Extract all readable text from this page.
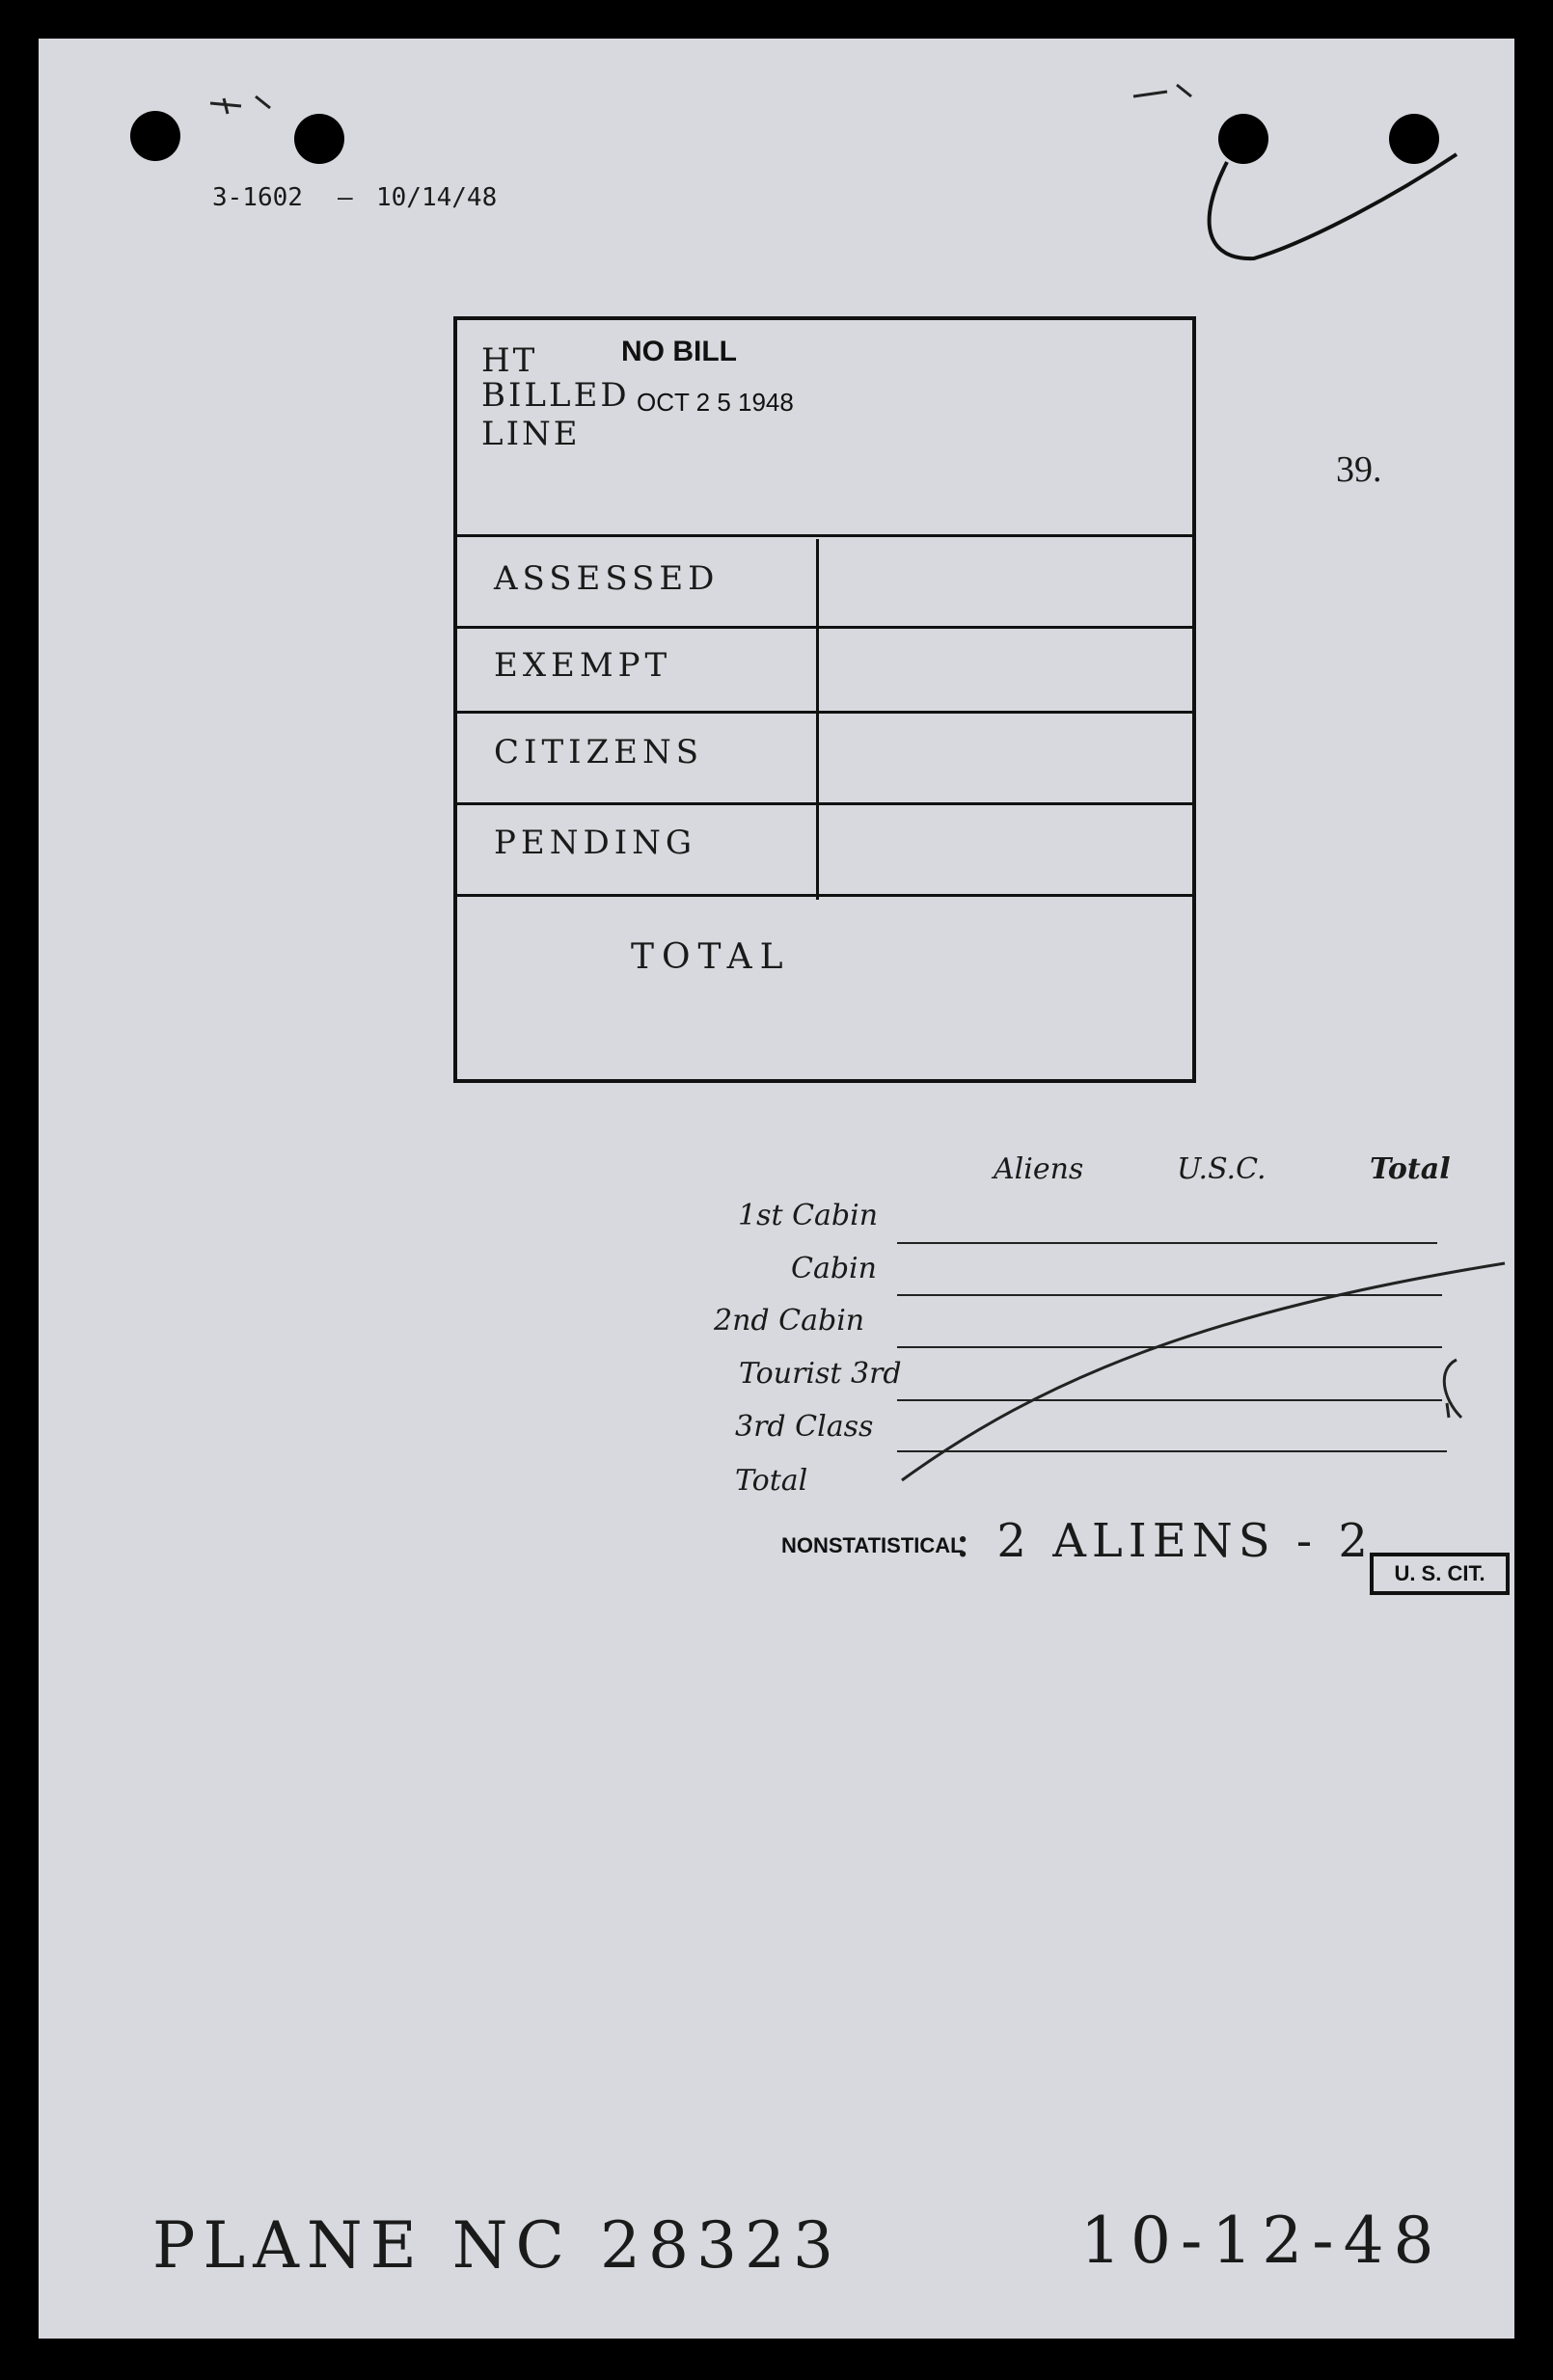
3-1602 — 10/14/48
39.
HT
BILLED
LINE
NO BILL
OCT 2 5 1948
ASSESSED
EXEMPT
CITIZENS
PENDING
TOTAL
Aliens	U.S.C.	Total
1st Cabin
Cabin
2nd Cabin
Tourist 3rd
3rd Class
Total
NONSTATISTICAL
: 2 ALIENS - 2
U. S. CIT.
PLANE NC 28323	10-12-48
